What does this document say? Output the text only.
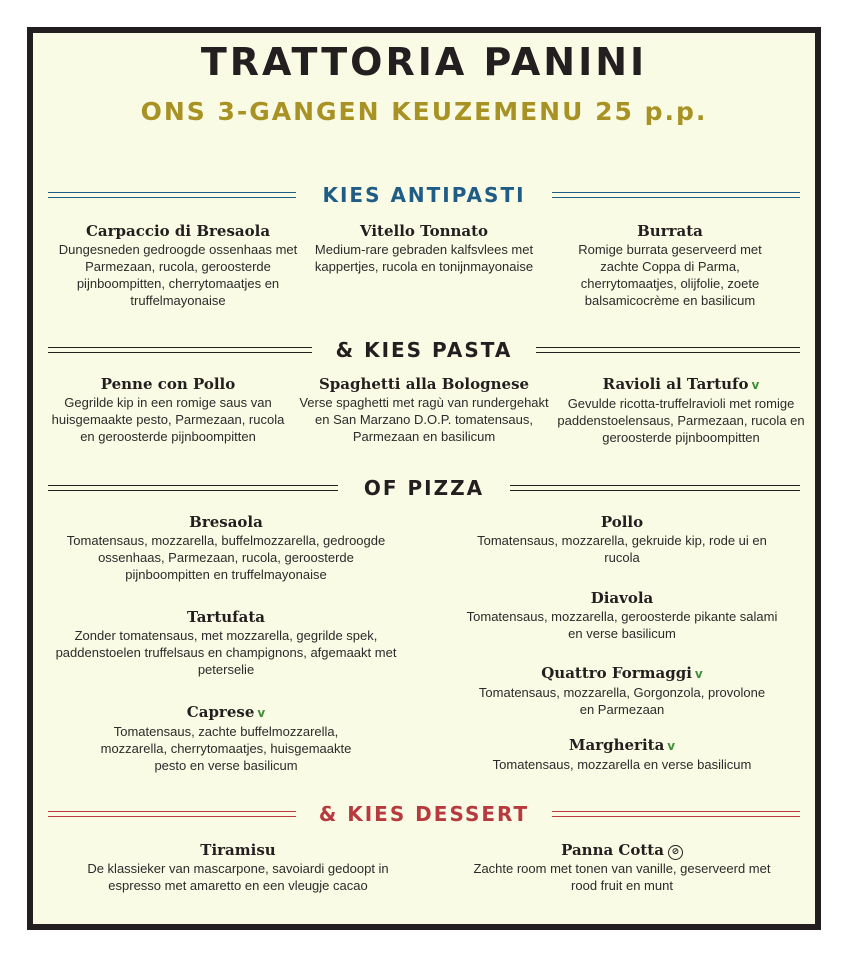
TRATTORIA PANINI
ONS 3-GANGEN KEUZEMENU 25 p.p.
KIES ANTIPASTI
Carpaccio di Bresaola
Dungesneden gedroogde ossenhaas met Parmezaan, rucola, geroosterde pijnboompitten, cherrytomaatjes en truffelmayonaise
Vitello Tonnato
Medium-rare gebraden kalfsvlees met kappertjes, rucola en tonijnmayonaise
Burrata
Romige burrata geserveerd met zachte Coppa di Parma, cherrytomaatjes, olijfolie, zoete balsamicocrème en basilicum
& KIES PASTA
Penne con Pollo
Gegrilde kip in een romige saus van huisgemaakte pesto, Parmezaan, rucola en geroosterde pijnboompitten
Spaghetti alla Bolognese
Verse spaghetti met ragù van rundergehakt en San Marzano D.O.P. tomatensaus, Parmezaan en basilicum
Ravioli al Tartufo v
Gevulde ricotta-truffelravioli met romige paddenstoelensaus, Parmezaan, rucola en geroosterde pijnboompitten
OF PIZZA
Bresaola
Tomatensaus, mozzarella, buffelmozzarella, gedroogde ossenhaas, Parmezaan, rucola, geroosterde pijnboompitten en truffelmayonaise
Tartufata
Zonder tomatensaus, met mozzarella, gegrilde spek, paddenstoelen truffelsaus en champignons, afgemaakt met peterselie
Caprese v
Tomatensaus, zachte buffelmozzarella, mozzarella, cherrytomaatjes, huisgemaakte pesto en verse basilicum
Pollo
Tomatensaus, mozzarella, gekruide kip, rode ui en rucola
Diavola
Tomatensaus, mozzarella, geroosterde pikante salami en verse basilicum
Quattro Formaggi v
Tomatensaus, mozzarella, Gorgonzola, provolone en Parmezaan
Margherita v
Tomatensaus, mozzarella en verse basilicum
& KIES DESSERT
Tiramisu
De klassieker van mascarpone, savoiardi gedoopt in espresso met amaretto en een vleugje cacao
Panna Cotta ⊘
Zachte room met tonen van vanille, geserveerd met rood fruit en munt
